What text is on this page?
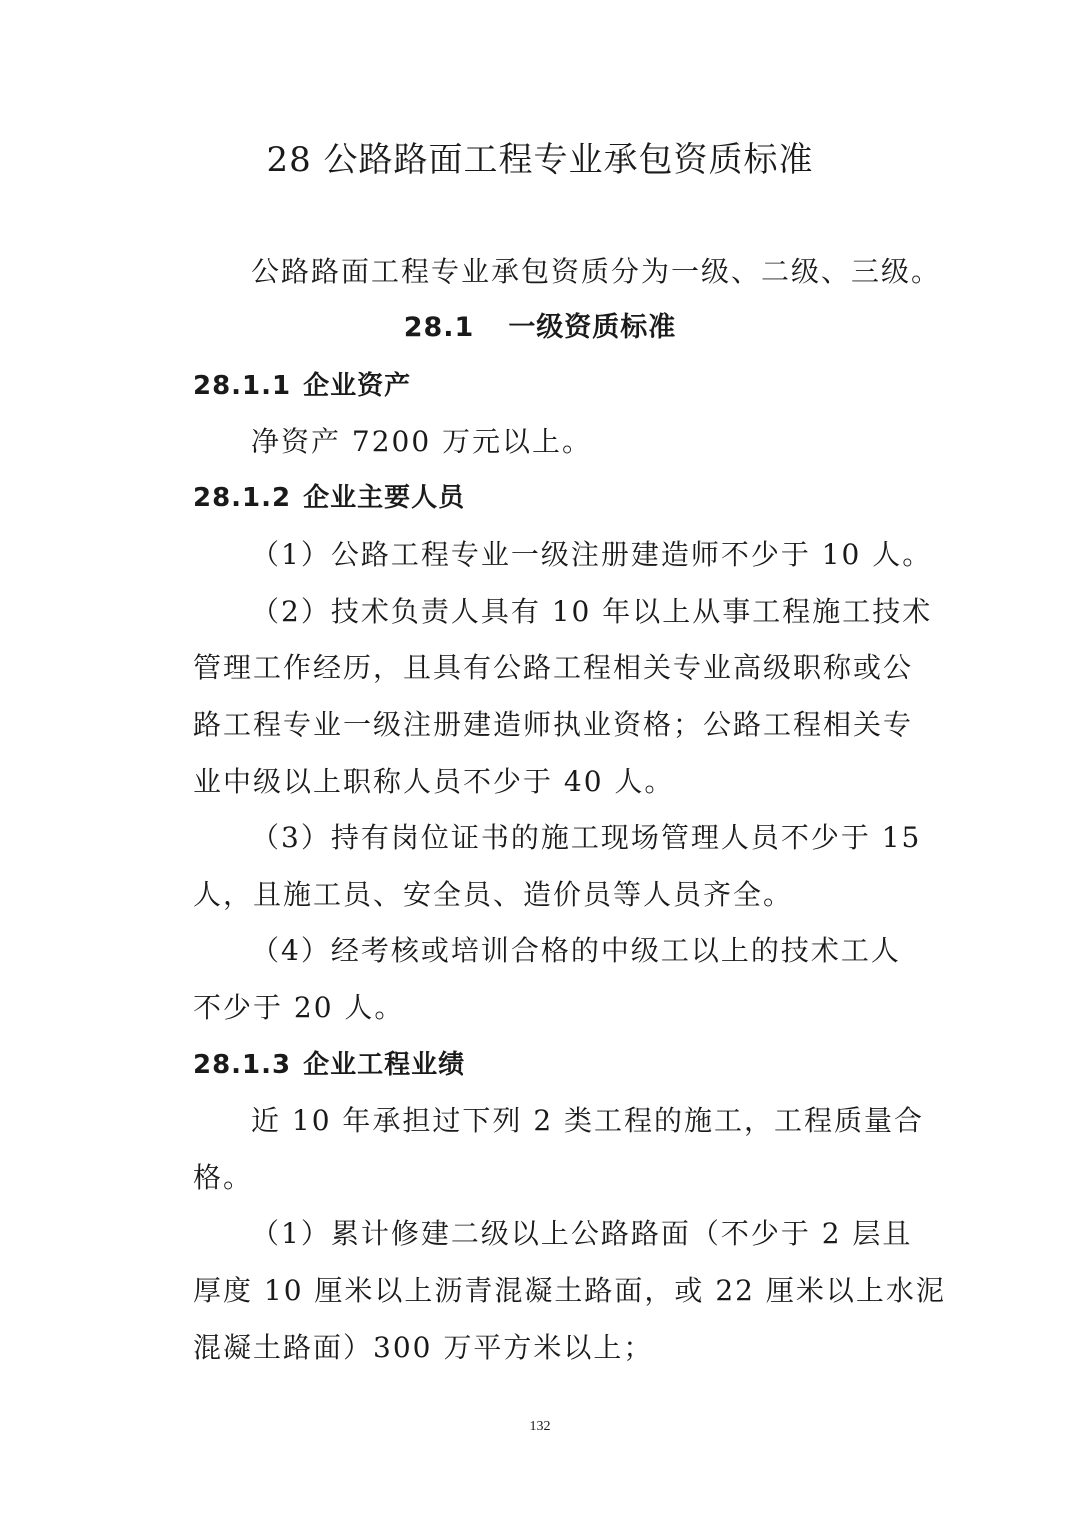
28 公路路面工程专业承包资质标准

公路路面工程专业承包资质分为一级、二级、三级。

28.1 一级资质标准
28.1.1 企业资产

净资产 7200 万元以上。

28.1.2 企业主要人员

（1）公路工程专业一级注册建造师不少于 10 人。

（2）技术负责人具有 10 年以上从事工程施工技术

管理工作经历，且具有公路工程相关专业高级职称或公

路工程专业一级注册建造师执业资格；公路工程相关专

业中级以上职称人员不少于 40 人。

（3）持有岗位证书的施工现场管理人员不少于 15

人，且施工员、安全员、造价员等人员齐全。

（4）经考核或培训合格的中级工以上的技术工人

不少于 20 人。

28.1.3 企业工程业绩

近 10 年承担过下列 2 类工程的施工，工程质量合

格。

（1）累计修建二级以上公路路面（不少于 2 层且

厚度 10 厘米以上沥青混凝土路面，或 22 厘米以上水泥

混凝土路面）300 万平方米以上；

132
